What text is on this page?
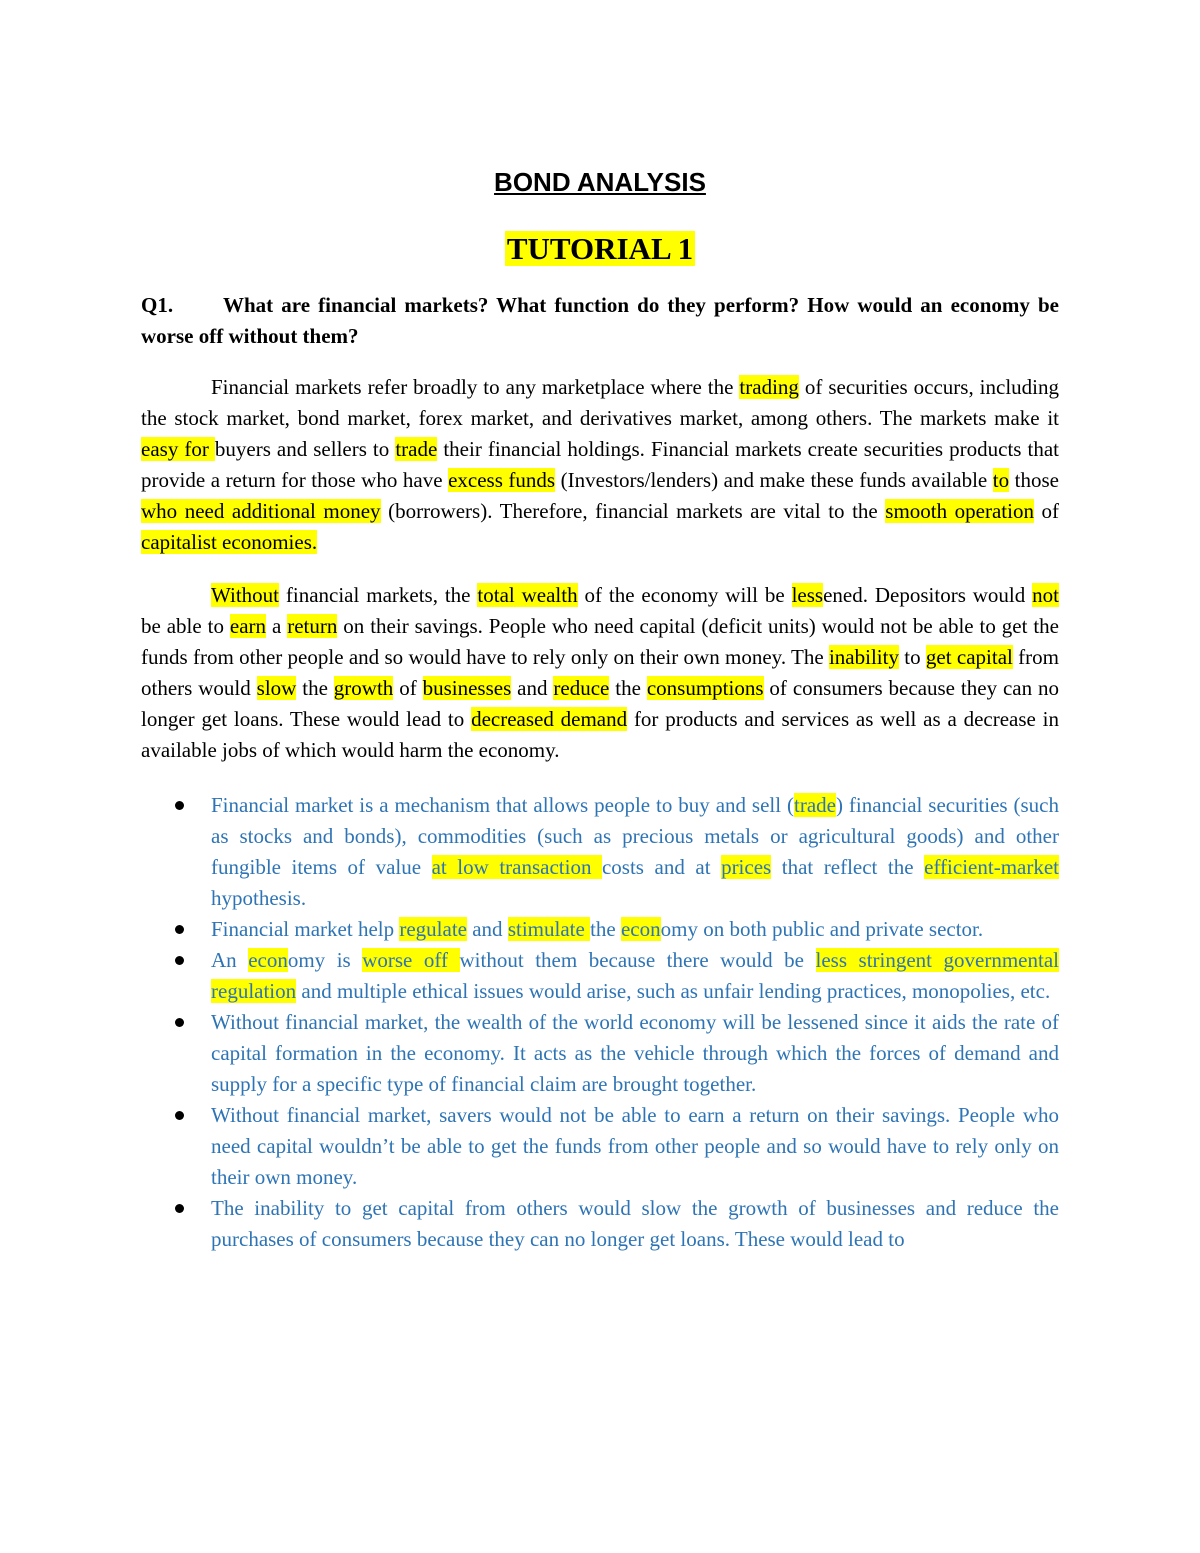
BOND ANALYSIS
TUTORIAL 1

Q1. What are financial markets? What function do they perform? How would an economy be worse off without them?

Financial markets refer broadly to any marketplace where the trading of securities occurs, including the stock market, bond market, forex market, and derivatives market, among others. The markets make it easy for buyers and sellers to trade their financial holdings. Financial markets create securities products that provide a return for those who have excess funds (Investors/lenders) and make these funds available to those who need additional money (borrowers). Therefore, financial markets are vital to the smooth operation of capitalist economies.

Without financial markets, the total wealth of the economy will be lessened. Depositors would not be able to earn a return on their savings. People who need capital (deficit units) would not be able to get the funds from other people and so would have to rely only on their own money. The inability to get capital from others would slow the growth of businesses and reduce the consumptions of consumers because they can no longer get loans. These would lead to decreased demand for products and services as well as a decrease in available jobs of which would harm the economy.

Financial market is a mechanism that allows people to buy and sell (trade) financial securities (such as stocks and bonds), commodities (such as precious metals or agricultural goods) and other fungible items of value at low transaction costs and at prices that reflect the efficient-market hypothesis.
Financial market help regulate and stimulate the economy on both public and private sector.
An economy is worse off without them because there would be less stringent governmental regulation and multiple ethical issues would arise, such as unfair lending practices, monopolies, etc.
Without financial market, the wealth of the world economy will be lessened since it aids the rate of capital formation in the economy. It acts as the vehicle through which the forces of demand and supply for a specific type of financial claim are brought together.
Without financial market, savers would not be able to earn a return on their savings. People who need capital wouldn’t be able to get the funds from other people and so would have to rely only on their own money.
The inability to get capital from others would slow the growth of businesses and reduce the purchases of consumers because they can no longer get loans. These would lead to
